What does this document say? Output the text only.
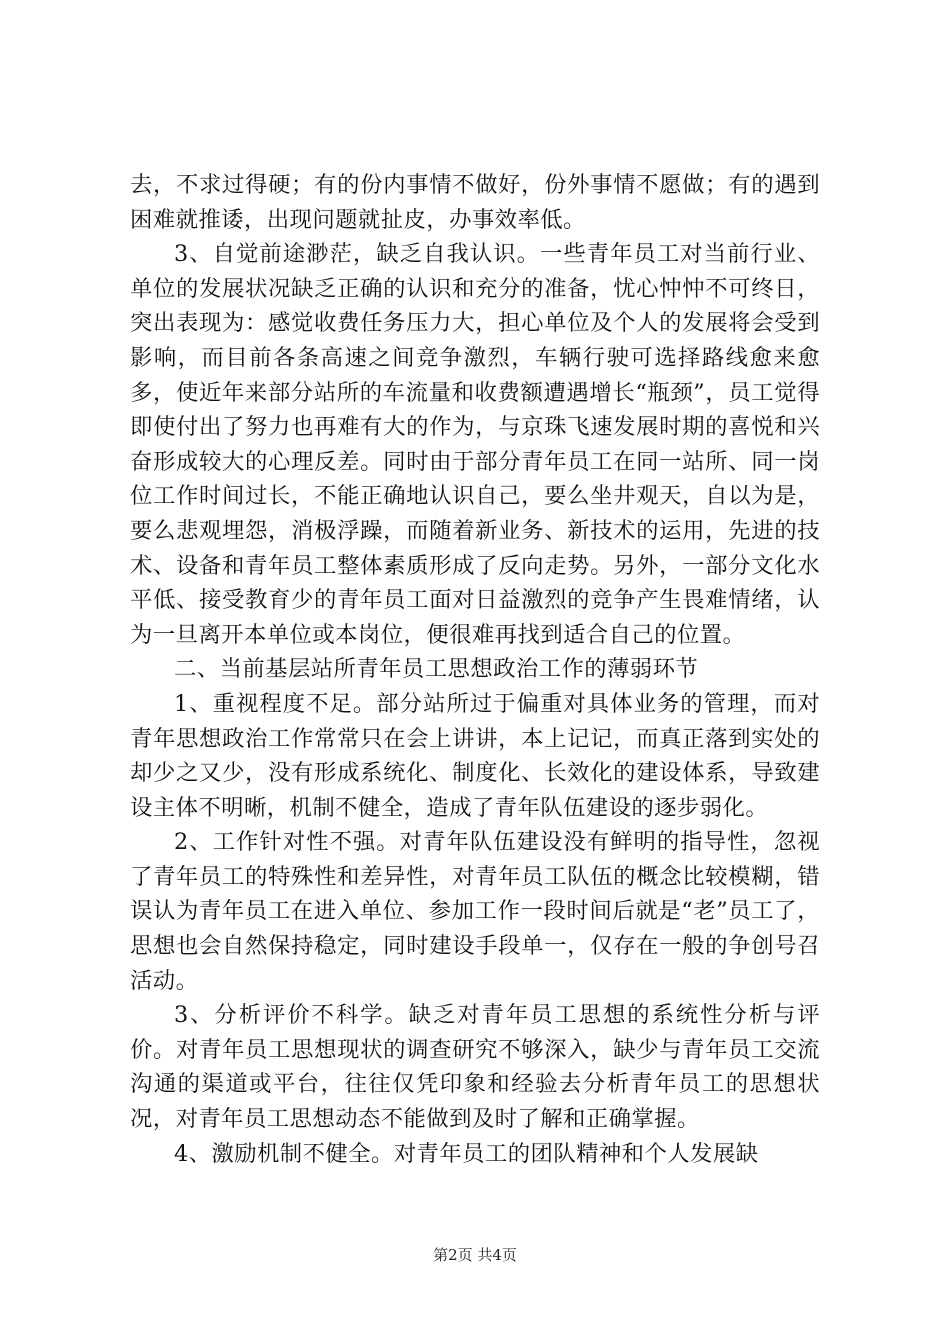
去，不求过得硬；有的份内事情不做好，份外事情不愿做；有的遇到困难就推诿，出现问题就扯皮，办事效率低。

3、自觉前途渺茫，缺乏自我认识。一些青年员工对当前行业、单位的发展状况缺乏正确的认识和充分的准备，忧心忡忡不可终日，突出表现为：感觉收费任务压力大，担心单位及个人的发展将会受到影响，而目前各条高速之间竞争激烈，车辆行驶可选择路线愈来愈多，使近年来部分站所的车流量和收费额遭遇增长“瓶颈”，员工觉得即使付出了努力也再难有大的作为，与京珠飞速发展时期的喜悦和兴奋形成较大的心理反差。同时由于部分青年员工在同一站所、同一岗位工作时间过长，不能正确地认识自己，要么坐井观天，自以为是，要么悲观埋怨，消极浮躁，而随着新业务、新技术的运用，先进的技术、设备和青年员工整体素质形成了反向走势。另外，一部分文化水平低、接受教育少的青年员工面对日益激烈的竞争产生畏难情绪，认为一旦离开本单位或本岗位，便很难再找到适合自己的位置。

二、当前基层站所青年员工思想政治工作的薄弱环节

1、重视程度不足。部分站所过于偏重对具体业务的管理，而对青年思想政治工作常常只在会上讲讲，本上记记，而真正落到实处的却少之又少，没有形成系统化、制度化、长效化的建设体系，导致建设主体不明晰，机制不健全，造成了青年队伍建设的逐步弱化。

2、工作针对性不强。对青年队伍建设没有鲜明的指导性，忽视了青年员工的特殊性和差异性，对青年员工队伍的概念比较模糊，错误认为青年员工在进入单位、参加工作一段时间后就是“老”员工了，思想也会自然保持稳定，同时建设手段单一，仅存在一般的争创号召活动。

3、分析评价不科学。缺乏对青年员工思想的系统性分析与评价。对青年员工思想现状的调查研究不够深入，缺少与青年员工交流沟通的渠道或平台，往往仅凭印象和经验去分析青年员工的思想状况，对青年员工思想动态不能做到及时了解和正确掌握。

4、激励机制不健全。对青年员工的团队精神和个人发展缺

第2页 共4页
